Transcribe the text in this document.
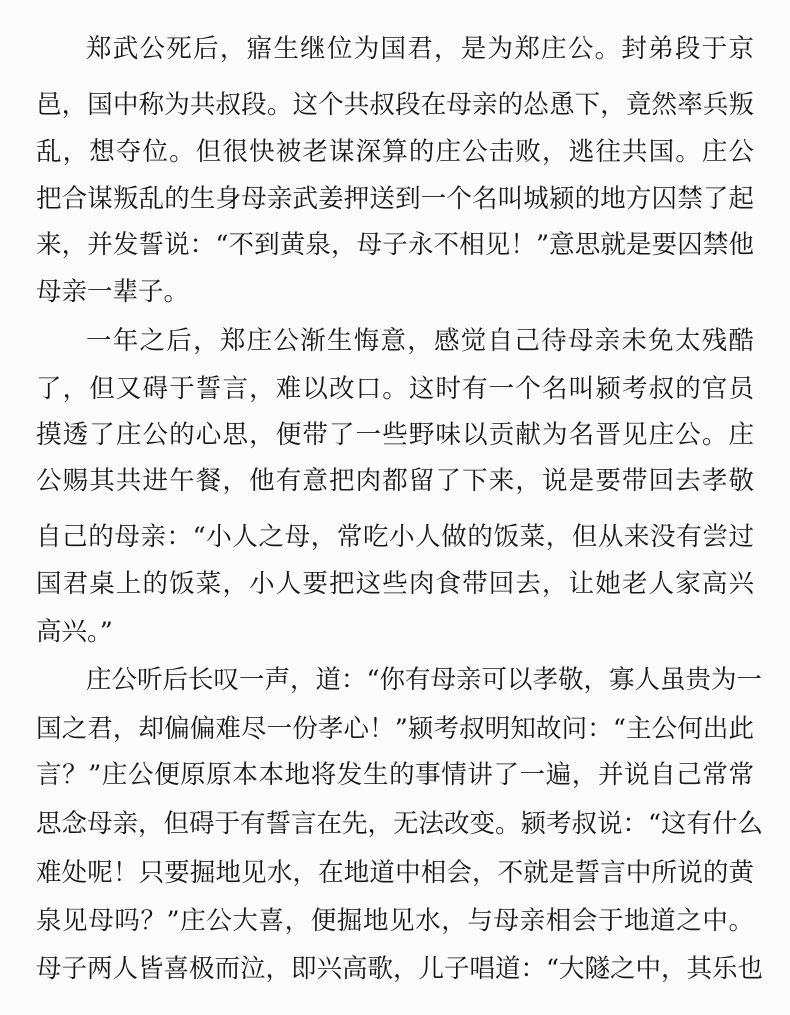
郑武公死后，寤生继位为国君，是为郑庄公。封弟段于京
邑，国中称为共叔段。这个共叔段在母亲的怂恿下，竟然率兵叛
乱，想夺位。但很快被老谋深算的庄公击败，逃往共国。庄公
把合谋叛乱的生身母亲武姜押送到一个名叫城颍的地方囚禁了起
来，并发誓说：“不到黄泉，母子永不相见！”意思就是要囚禁他
母亲一辈子。
一年之后，郑庄公渐生悔意，感觉自己待母亲未免太残酷
了，但又碍于誓言，难以改口。这时有一个名叫颍考叔的官员
摸透了庄公的心思，便带了一些野味以贡献为名晋见庄公。庄
公赐其共进午餐，他有意把肉都留了下来，说是要带回去孝敬
自己的母亲：“小人之母，常吃小人做的饭菜，但从来没有尝过
国君桌上的饭菜，小人要把这些肉食带回去，让她老人家高兴
高兴。”
庄公听后长叹一声，道：“你有母亲可以孝敬，寡人虽贵为一
国之君，却偏偏难尽一份孝心！”颍考叔明知故问：“主公何出此
言？”庄公便原原本本地将发生的事情讲了一遍，并说自己常常
思念母亲，但碍于有誓言在先，无法改变。颍考叔说：“这有什么
难处呢！只要掘地见水，在地道中相会，不就是誓言中所说的黄
泉见母吗？”庄公大喜，便掘地见水，与母亲相会于地道之中。
母子两人皆喜极而泣，即兴高歌，儿子唱道：“大隧之中，其乐也
